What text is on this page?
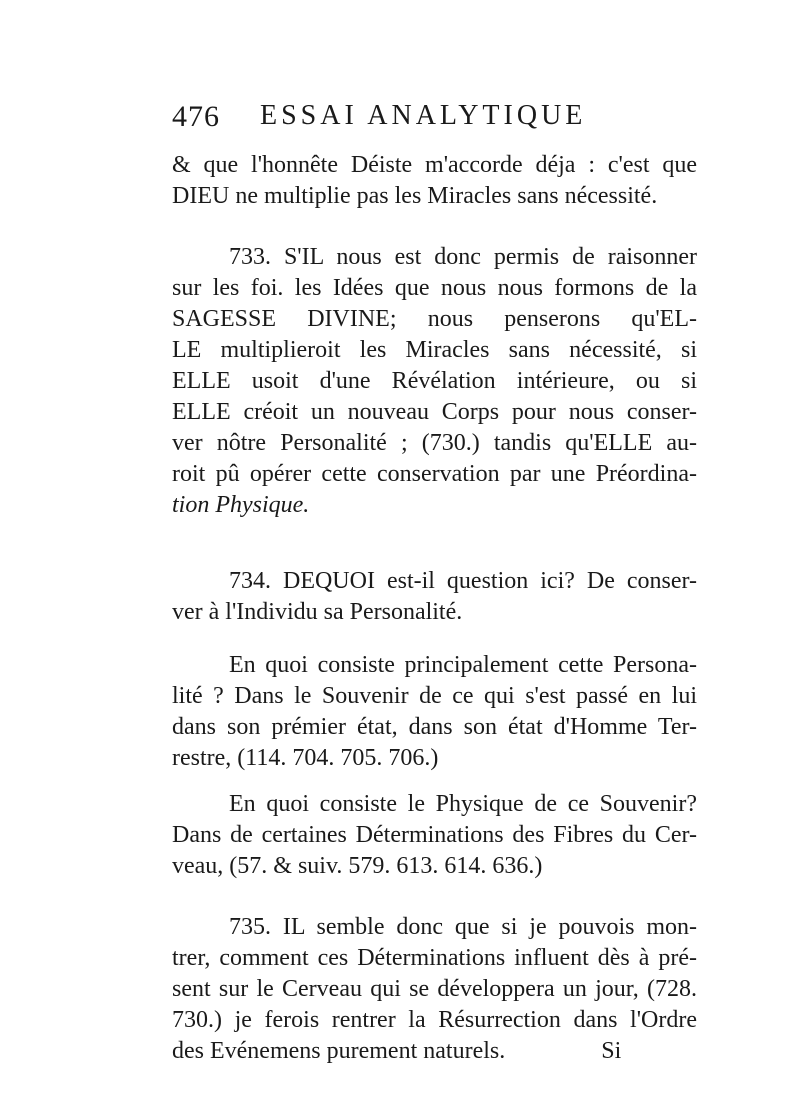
476 ESSAI ANALYTIQUE
& que l'honnête Déiste m'accorde déja : c'est que
DIEU ne multiplie pas les Miracles sans nécessité.
733. S'IL nous est donc permis de raisonner
sur les foi. les Idées que nous nous formons de la
SAGESSE DIVINE; nous penserons qu'EL-
LE multiplieroit les Miracles sans nécessité, si
ELLE usoit d'une Révélation intérieure, ou si
ELLE créoit un nouveau Corps pour nous conser-
ver nôtre Personalité ; (730.) tandis qu'ELLE au-
roit pû opérer cette conservation par une Préordina-
tion Physique.
734. DEQUOI est-il question ici? De conser-
ver à l'Individu sa Personalité.
En quoi consiste principalement cette Persona-
lité ? Dans le Souvenir de ce qui s'est passé en lui
dans son prémier état, dans son état d'Homme Ter-
restre, (114. 704. 705. 706.)
En quoi consiste le Physique de ce Souvenir?
Dans de certaines Déterminations des Fibres du Cer-
veau, (57. & suiv. 579. 613. 614. 636.)
735. IL semble donc que si je pouvois mon-
trer, comment ces Déterminations influent dès à pré-
sent sur le Cerveau qui se développera un jour, (728.
730.) je ferois rentrer la Résurrection dans l'Ordre
des Evénemens purement naturels.                Si
